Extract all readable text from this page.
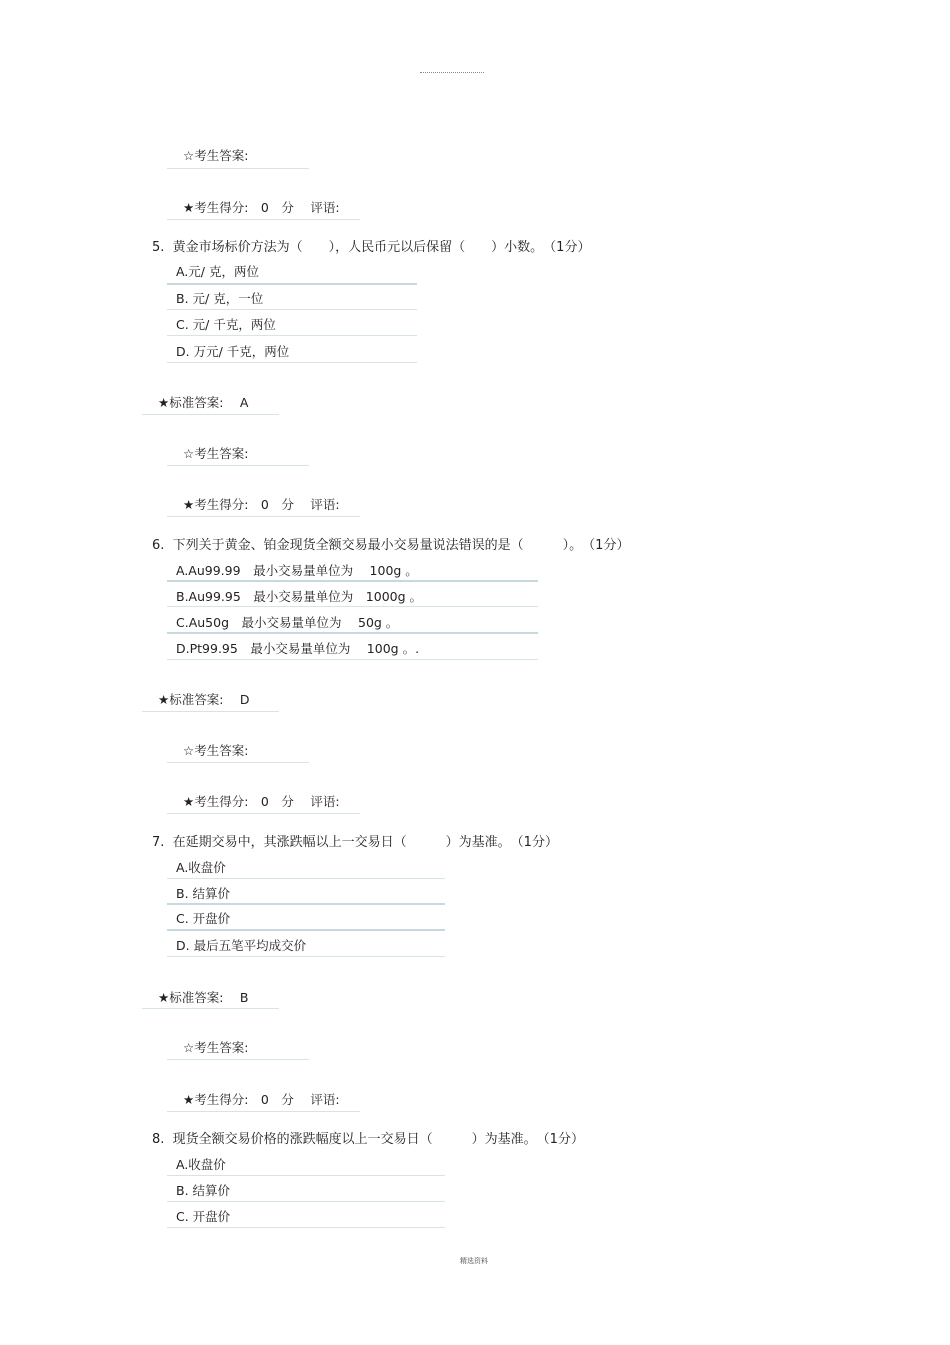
☆考生答案:
★考生得分:　0　分　 评语:
5.  黄金市场标价方法为（　　），人民币元以后保留（　　）小数。　（1分）
A.元/ 克，两位
B. 元/ 克，一位
C. 元/ 千克，两位
D. 万元/ 千克，两位
★标准答案:　 A
☆考生答案:
★考生得分:　0　分　 评语:
6.  下列关于黄金、铂金现货全额交易最小交易量说法错误的是（　　　）。　（1分）
A.Au99.99　最小交易量单位为　 100g 。
B.Au99.95　最小交易量单位为　1000g 。
C.Au50g　最小交易量单位为　 50g 。
D.Pt99.95　最小交易量单位为　 100g 。.
★标准答案:　 D
☆考生答案:
★考生得分:　0　分　 评语:
7.  在延期交易中，其涨跌幅以上一交易日（　　　）为基准。　（1分）
A.收盘价
B. 结算价
C. 开盘价
D. 最后五笔平均成交价
★标准答案:　 B
☆考生答案:
★考生得分:　0　分　 评语:
8.  现货全额交易价格的涨跌幅度以上一交易日（　　　）为基准。　（1分）
A.收盘价
B. 结算价
C. 开盘价
精选资料
